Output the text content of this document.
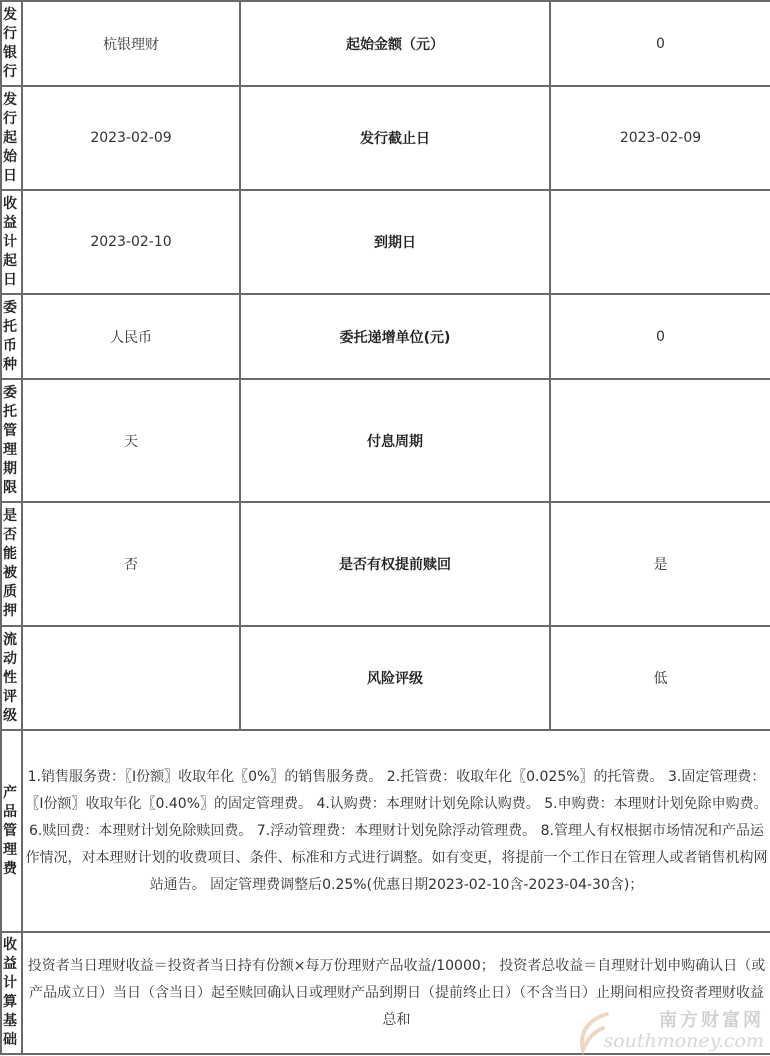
发行银行	杭银理财	起始金额（元）	0

发行起始日	2023-02-09	发行截止日	2023-02-09

收益计起日	2023-02-10	到期日	

委托币种	人民币	委托递增单位(元)	0

委托管理期限	天	付息周期	

是否能被质押	否	是否有权提前赎回	是

流动性评级		风险评级	低

产品管理费	1.销售服务费：〖I份额〗收取年化〖0%〗的销售服务费。 2.托管费：收取年化〖0.025%〗的托管费。 3.固定管理费：〖I份额〗收取年化〖0.40%〗的固定管理费。 4.认购费：本理财计划免除认购费。 5.申购费：本理财计划免除申购费。 6.赎回费：本理财计划免除赎回费。 7.浮动管理费：本理财计划免除浮动管理费。 8.管理人有权根据市场情况和产品运作情况，对本理财计划的收费项目、条件、标准和方式进行调整。如有变更，将提前一个工作日在管理人或者销售机构网站通告。 固定管理费调整后0.25%(优惠日期2023-02-10含-2023-04-30含)；		

收益计算基础	投资者当日理财收益＝投资者当日持有份额×每万份理财产品收益/10000； 投资者总收益＝自理财计划申购确认日（或产品成立日）当日（含当日）起至赎回确认日或理财产品到期日（提前终止日）（不含当日）止期间相应投资者理财收益总和			南方财富网
southmoney.com
